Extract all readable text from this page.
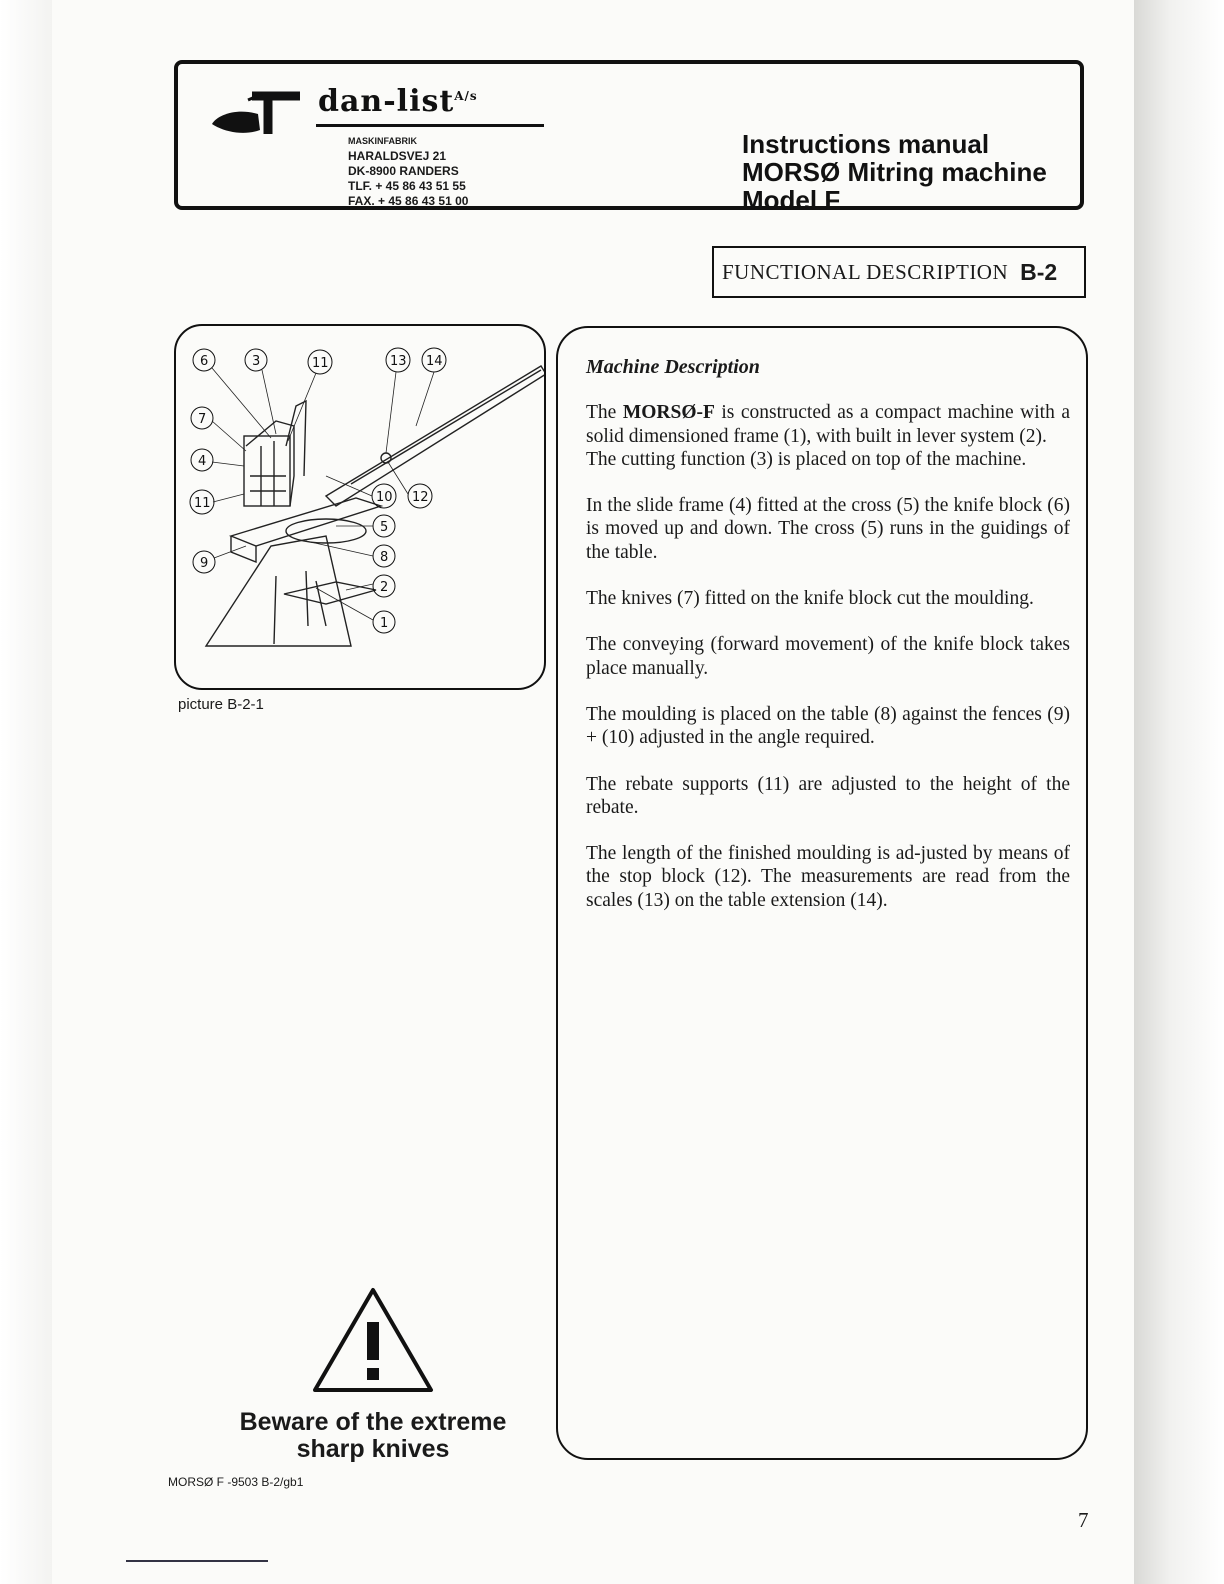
dan-list$^{A/s}$
MASKINFABRIK
HARALDSVEJ 21
DK-8900 RANDERS
TLF. + 45 86 43 51 55
FAX. + 45 86 43 51 00
Instructions manual
MORSØ Mitring machine
Model F
FUNCTIONAL DESCRIPTION B-2
6	3	11	13 14
7
4
11	10 12
5
9	8
2
1
picture B-2-1
Machine Description

The MORSØ-F is constructed as a compact machine with a solid dimensioned frame (1), with built in lever system (2).

The cutting function (3) is placed on top of the machine.

In the slide frame (4) fitted at the cross (5) the knife block (6) is moved up and down. The cross (5) runs in the guidings of the table.

The knives (7) fitted on the knife block cut the moulding.

The conveying (forward movement) of the knife block takes place manually.

The moulding is placed on the table (8) against the fences (9) + (10) adjusted in the angle required.

The rebate supports (11) are adjusted to the height of the rebate.

The length of the finished moulding is ad-justed by means of the stop block (12). The measurements are read from the scales (13) on the table extension (14).

Beware of the extreme
sharp knives
MORSØ F -9503 B-2/gb1
7
